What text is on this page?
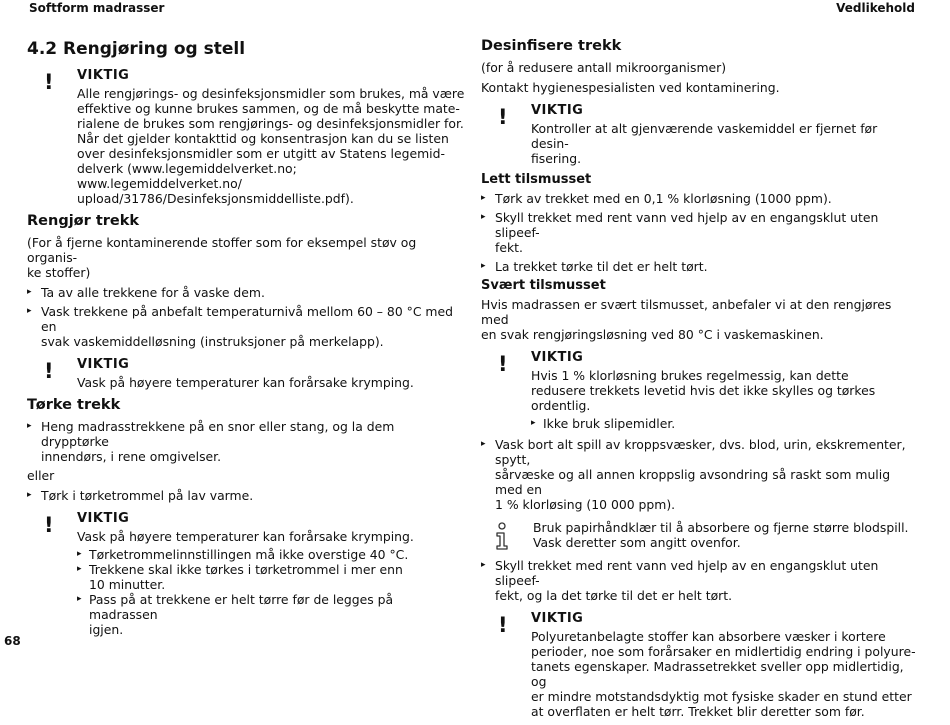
Softform madrasser	Vedlikehold
4.2 Rengjøring og stell
! VIKTIG

Alle rengjørings- og desinfeksjonsmidler som brukes, må være
effektive og kunne brukes sammen, og de må beskytte mate-
rialene de brukes som rengjørings- og desinfeksjonsmidler for.
Når det gjelder kontakttid og konsentrasjon kan du se listen
over desinfeksjonsmidler som er utgitt av Statens legemid-
delverk (www.legemiddelverket.no; www.legemiddelverket.no/
upload/31786/Desinfeksjonsmiddelliste.pdf).

Rengjør trekk

(For å fjerne kontaminerende stoffer som for eksempel støv og organis-
ke stoffer)

▸ Ta av alle trekkene for å vaske dem.
▸ Vask trekkene på anbefalt temperaturnivå mellom 60 – 80 °C med en
svak vaskemiddelløsning (instruksjoner på merkelapp).
! VIKTIG

Vask på høyere temperaturer kan forårsake krymping.

Tørke trekk
▸ Heng madrasstrekkene på en snor eller stang, og la dem drypptørke
innendørs, i rene omgivelser.

eller

▸ Tørk i tørketrommel på lav varme.
! VIKTIG

Vask på høyere temperaturer kan forårsake krymping.

▸ Tørketrommelinnstillingen må ikke overstige 40 °C.
▸ Trekkene skal ikke tørkes i tørketrommel i mer enn
10 minutter.
▸ Pass på at trekkene er helt tørre før de legges på madrassen
igjen.
Desinfisere trekk

(for å redusere antall mikroorganismer)

Kontakt hygienespesialisten ved kontaminering.

! VIKTIG

Kontroller at alt gjenværende vaskemiddel er fjernet før desin-
fisering.

Lett tilsmusset
▸ Tørk av trekket med en 0,1 % klorløsning (1000 ppm).
▸ Skyll trekket med rent vann ved hjelp av en engangsklut uten slipeef-
fekt.
▸ La trekket tørke til det er helt tørt.
Svært tilsmusset

Hvis madrassen er svært tilsmusset, anbefaler vi at den rengjøres med
en svak rengjøringsløsning ved 80 °C i vaskemaskinen.

! VIKTIG

Hvis 1 % klorløsning brukes regelmessig, kan dette
redusere trekkets levetid hvis det ikke skylles og tørkes
ordentlig.

▸ Ikke bruk slipemidler.
▸ Vask bort alt spill av kroppsvæsker, dvs. blod, urin, ekskrementer, spytt,
sårvæske og all annen kroppslig avsondring så raskt som mulig med en
1 % klorløsing (10 000 ppm).

Bruk papirhåndklær til å absorbere og fjerne større blodspill.
Vask deretter som angitt ovenfor.

▸ Skyll trekket med rent vann ved hjelp av en engangsklut uten slipeef-
fekt, og la det tørke til det er helt tørt.
! VIKTIG

Polyuretanbelagte stoffer kan absorbere væsker i kortere
perioder, noe som forårsaker en midlertidig endring i polyure-
tanets egenskaper. Madrassetrekket sveller opp midlertidig, og
er mindre motstandsdyktig mot fysiske skader en stund etter
at overflaten er helt tørr. Trekket blir deretter som før.

68
